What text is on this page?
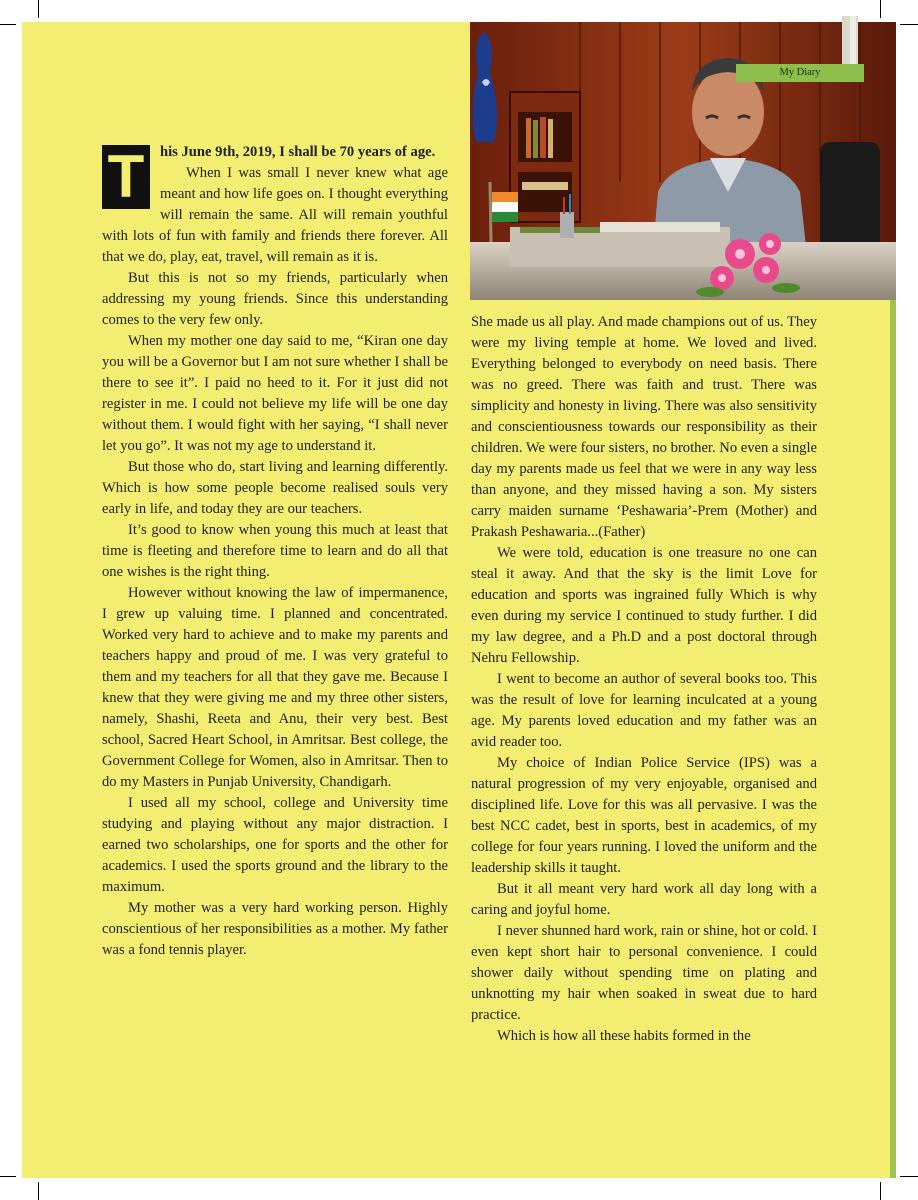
My Diary
T	his June 9th, 2019, I shall be 70 years of age.

When I was small I never knew what age meant and how life goes on. I thought everything will remain the same. All will remain youthful with lots of fun with family and friends there forever. All that we do, play, eat, travel, will remain as it is.

But this is not so my friends, particularly when addressing my young friends. Since this understanding comes to the very few only.

When my mother one day said to me, “Kiran one day you will be a Governor but I am not sure whether I shall be there to see it”. I paid no heed to it. For it just did not register in me. I could not believe my life will be one day without them. I would fight with her saying, “I shall never let you go”. It was not my age to understand it.

But those who do, start living and learning differently. Which is how some people become realised souls very early in life, and today they are our teachers.

It’s good to know when young this much at least that time is fleeting and therefore time to learn and do all that one wishes is the right thing.

However without knowing the law of impermanence, I grew up valuing time. I planned and concentrated. Worked very hard to achieve and to make my parents and teachers happy and proud of me. I was very grateful to them and my teachers for all that they gave me. Because I knew that they were giving me and my three other sisters, namely, Shashi, Reeta and Anu, their very best. Best school, Sacred Heart School, in Amritsar. Best college, the Government College for Women, also in Amritsar. Then to do my Masters in Punjab University, Chandigarh.

I used all my school, college and University time studying and playing without any major distraction. I earned two scholarships, one for sports and the other for academics. I used the sports ground and the library to the maximum.

My mother was a very hard working person. Highly conscientious of her responsibilities as a mother. My father was a fond tennis player.

She made us all play. And made champions out of us. They were my living temple at home. We loved and lived. Everything belonged to everybody on need basis. There was no greed. There was faith and trust. There was simplicity and honesty in living. There was also sensitivity and conscientiousness towards our responsibility as their children. We were four sisters, no brother. No even a single day my parents made us feel that we were in any way less than anyone, and they missed having a son. My sisters carry maiden surname ‘Peshawaria’-Prem (Mother) and Prakash Peshawaria...(Father)

We were told, education is one treasure no one can steal it away. And that the sky is the limit Love for education and sports was ingrained fully Which is why even during my service I continued to study further. I did my law degree, and a Ph.D and a post doctoral through Nehru Fellowship.

I went to become an author of several books too. This was the result of love for learning inculcated at a young age. My parents loved education and my father was an avid reader too.

My choice of Indian Police Service (IPS) was a natural progression of my very enjoyable, organised and disciplined life. Love for this was all pervasive. I was the best NCC cadet, best in sports, best in academics, of my college for four years running. I loved the uniform and the leadership skills it taught.

But it all meant very hard work all day long with a caring and joyful home.

I never shunned hard work, rain or shine, hot or cold. I even kept short hair to personal convenience. I could shower daily without spending time on plating and unknotting my hair when soaked in sweat due to hard practice.

Which is how all these habits formed in the
